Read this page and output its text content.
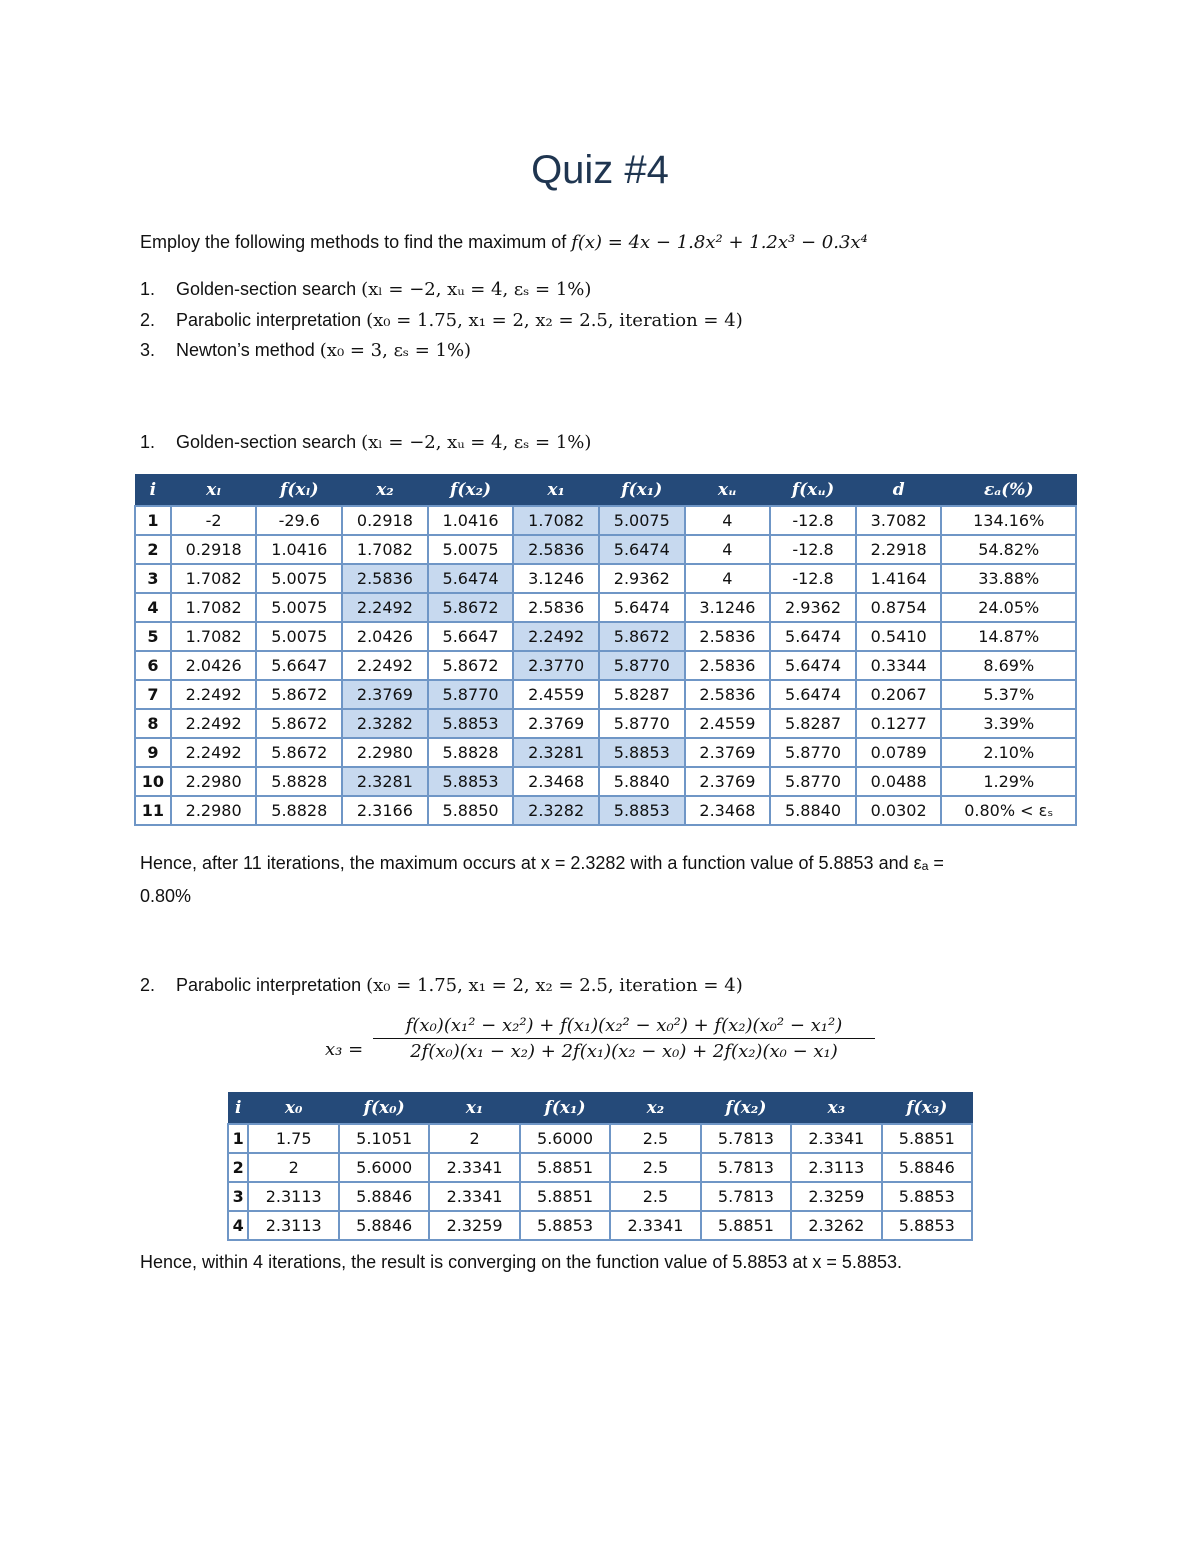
Quiz #4
Employ the following methods to find the maximum of f(x) = 4x − 1.8x² + 1.2x³ − 0.3x⁴
1. Golden-section search (xₗ = −2, xᵤ = 4, εₛ = 1%)
2. Parabolic interpretation (x₀ = 1.75, x₁ = 2, x₂ = 2.5, iteration = 4)
3. Newton’s method (x₀ = 3, εₛ = 1%)
1. Golden-section search (xₗ = −2, xᵤ = 4, εₛ = 1%)
i	xₗ	f(xₗ)	x₂	f(x₂)	x₁	f(x₁)	xᵤ	f(xᵤ)	d	εₐ(%)
1	-2	-29.6	0.2918	1.0416	1.7082	5.0075	4	-12.8	3.7082	134.16%
2	0.2918	1.0416	1.7082	5.0075	2.5836	5.6474	4	-12.8	2.2918	54.82%
3	1.7082	5.0075	2.5836	5.6474	3.1246	2.9362	4	-12.8	1.4164	33.88%
4	1.7082	5.0075	2.2492	5.8672	2.5836	5.6474	3.1246	2.9362	0.8754	24.05%
5	1.7082	5.0075	2.0426	5.6647	2.2492	5.8672	2.5836	5.6474	0.5410	14.87%
6	2.0426	5.6647	2.2492	5.8672	2.3770	5.8770	2.5836	5.6474	0.3344	8.69%
7	2.2492	5.8672	2.3769	5.8770	2.4559	5.8287	2.5836	5.6474	0.2067	5.37%
8	2.2492	5.8672	2.3282	5.8853	2.3769	5.8770	2.4559	5.8287	0.1277	3.39%
9	2.2492	5.8672	2.2980	5.8828	2.3281	5.8853	2.3769	5.8770	0.0789	2.10%
10	2.2980	5.8828	2.3281	5.8853	2.3468	5.8840	2.3769	5.8770	0.0488	1.29%
11	2.2980	5.8828	2.3166	5.8850	2.3282	5.8853	2.3468	5.8840	0.0302	0.80% < εₛ
Hence, after 11 iterations, the maximum occurs at x = 2.3282 with a function value of 5.8853 and εₐ =
0.80%
2. Parabolic interpretation (x₀ = 1.75, x₁ = 2, x₂ = 2.5, iteration = 4)
$x_3 = \frac{\text{f(x₀)(x₁² − x₂²) + f(x₁)(x₂² − x₀²) + f(x₂)(x₀² − x₁²)}}{\text{2f(x₀)(x₁ − x₂) + 2f(x₁)(x₂ − x₀) + 2f(x₂)(x₀ − x₁)}}$
i	x₀	f(x₀)	x₁	f(x₁)	x₂	f(x₂)	x₃	f(x₃)
1	1.75	5.1051	2	5.6000	2.5	5.7813	2.3341	5.8851
2	2	5.6000	2.3341	5.8851	2.5	5.7813	2.3113	5.8846
3	2.3113	5.8846	2.3341	5.8851	2.5	5.7813	2.3259	5.8853
4	2.3113	5.8846	2.3259	5.8853	2.3341	5.8851	2.3262	5.8853
Hence, within 4 iterations, the result is converging on the function value of 5.8853 at x = 5.8853.
